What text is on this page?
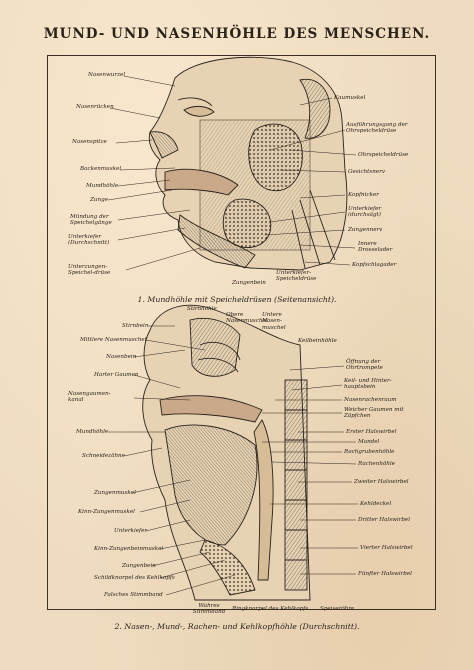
MUND- UND NASENHÖHLE DES MENSCHEN.
Nasenwurzel
Nasenrücken
Nasenspitze
Backenmuskel
Mundhöhle
Zunge
Mündung der Speichelgänge
Unterkiefer (Durchschnitt)
Unterzungen-Speichel-drüse
Kaumuskel
Ausführungsgang der Ohrspeicheldrüse
Ohrspeicheldrüse
Gesichtsnerv
Kopfnicker
Unterkiefer (durchsägt)
Zungennerv
Innere Drosselader
Kopfschlagader
Zungenbein
Unterkiefer-Speicheldrüse
1. Mundhöhle mit Speicheldrüsen (Seitenansicht).
Stirnhöhle
Obere Nasenmuschel
Untere Nasen-muschel
Keilbeinhöhle
Stirnbein
Mittlere Nasenmuschel
Nasenbein
Harter Gaumen
Nasengaumen-kanal
Mundhöhle
Schneidezähne
Zungenmuskel
Kinn-Zungenmuskel
Unterkiefer
Kinn-Zungenbeinmuskel
Zungenbein
Schildknorpel des Kehlkopfs
Falsches Stimmband
Öffnung der Ohrtrompete
Keil- und Hinter-hauptsbein
Nasenrachenraum
Weicher Gaumen mit Zäpfchen
Erster Halswirbel
Mandel
Rachgrubenhöhle
Rachenhöhle
Zweiter Halswirbel
Kehldeckel
Dritter Halswirbel
Vierter Halswirbel
Fünfter Halswirbel
Wahres Stimmband
Ringknorpel des Kehlkopfs Speiseröhre
2. Nasen-, Mund-, Rachen- und Kehlkopfhöhle (Durchschnitt).
